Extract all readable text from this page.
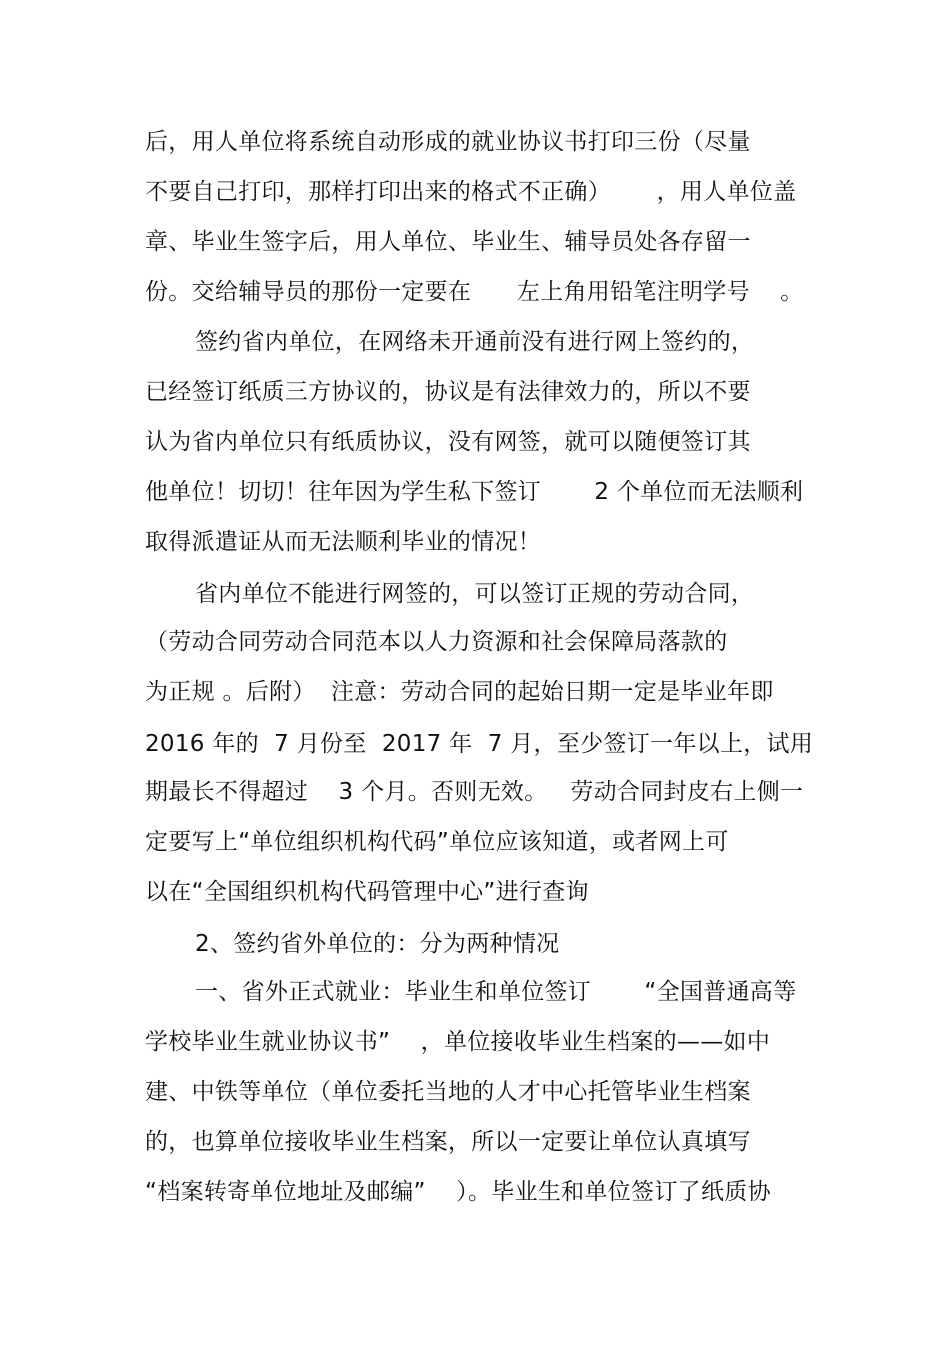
后，用人单位将系统自动形成的就业协议书打印三份（尽量
不要自己打印，那样打印出来的格式不正确）      ，用人单位盖
章、毕业生签字后，用人单位、毕业生、辅导员处各存留一
份。交给辅导员的那份一定要在      左上角用铅笔注明学号    。
签约省内单位，在网络未开通前没有进行网上签约的，
已经签订纸质三方协议的，协议是有法律效力的，所以不要
认为省内单位只有纸质协议，没有网签，就可以随便签订其
他单位！切切！往年因为学生私下签订       2 个单位而无法顺利
取得派遣证从而无法顺利毕业的情况！
省内单位不能进行网签的，可以签订正规的劳动合同，
（劳动合同劳动合同范本以人力资源和社会保障局落款的
为正规 。后附）  注意：劳动合同的起始日期一定是毕业年即
2016 年的  7 月份至  2017 年  7 月，至少签订一年以上，试用
期最长不得超过    3 个月。否则无效。   劳动合同封皮右上侧一
定要写上“单位组织机构代码”单位应该知道，或者网上可
以在“全国组织机构代码管理中心”进行查询
2、签约省外单位的：分为两种情况
一、省外正式就业：毕业生和单位签订       “全国普通高等
学校毕业生就业协议书”    ，单位接收毕业生档案的——如中
建、中铁等单位（单位委托当地的人才中心托管毕业生档案
的，也算单位接收毕业生档案，所以一定要让单位认真填写
“档案转寄单位地址及邮编”    ）。毕业生和单位签订了纸质协
